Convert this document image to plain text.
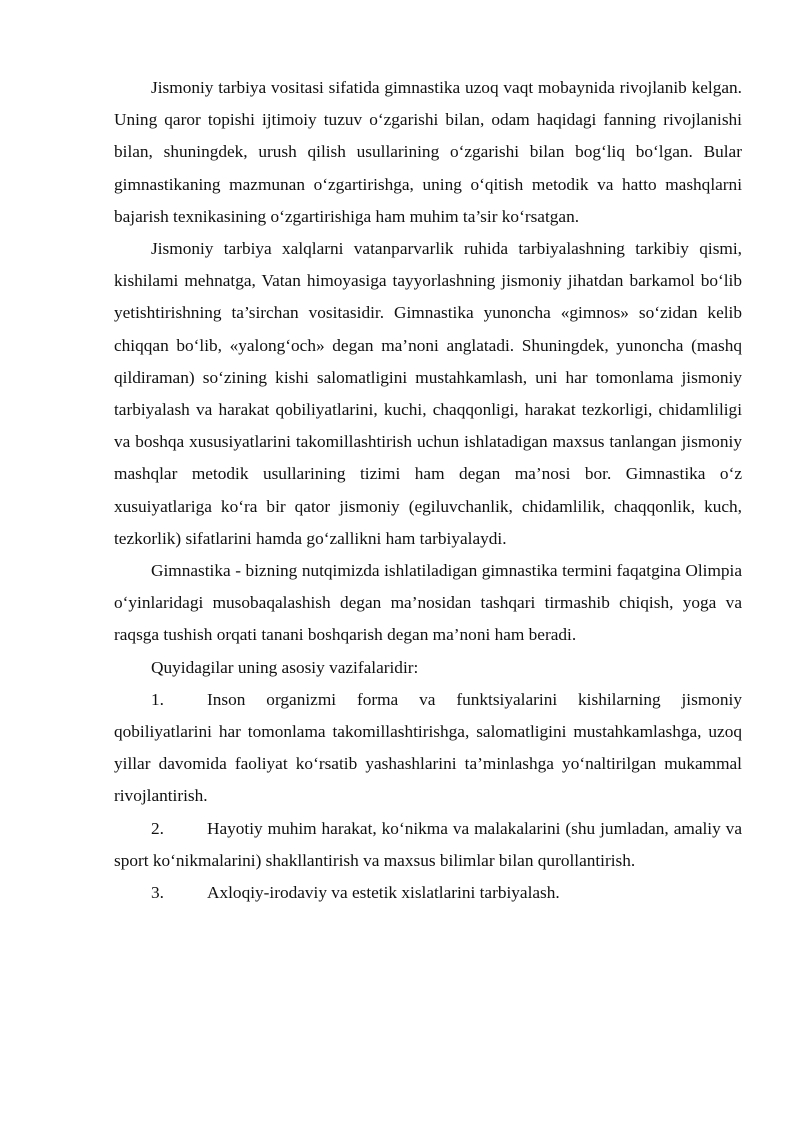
Jismoniy tarbiya vositasi sifatida gimnastika uzoq vaqt mobaynida rivojlanib kelgan. Uning qaror topishi ijtimoiy tuzuv o‘zgarishi bilan, odam haqidagi fanning rivojlanishi bilan, shuningdek, urush qilish usullarining o‘zgarishi bilan bog‘liq bo‘lgan. Bular gimnastikaning mazmunan o‘zgartirishga, uning o‘qitish metodik va hatto mashqlarni bajarish texnikasining o‘zgartirishiga ham muhim ta’sir ko‘rsatgan.

Jismoniy tarbiya xalqlarni vatanparvarlik ruhida tarbiyalashning tarkibiy qismi, kishilami mehnatga, Vatan himoyasiga tayyorlashning jismoniy jihatdan barkamol bo‘lib yetishtirishning ta’sirchan vositasidir. Gimnastika yunoncha «gimnos» so‘zidan kelib chiqqan bo‘lib, «yalong‘och» degan ma’noni anglatadi. Shuningdek, yunoncha (mashq qildiraman) so‘zining kishi salomatligini mustahkamlash, uni har tomonlama jismoniy tarbiyalash va harakat qobiliyatlarini, kuchi, chaqqonligi, harakat tezkorligi, chidamliligi va boshqa xususiyatlarini takomillashtirish uchun ishlatadigan maxsus tanlangan jismoniy mashqlar metodik usullarining tizimi ham degan ma’nosi bor. Gimnastika o‘z xusuiyatlariga ko‘ra bir qator jismoniy (egiluvchanlik, chidamlilik, chaqqonlik, kuch, tezkorlik) sifatlarini hamda go‘zallikni ham tarbiyalaydi.

Gimnastika - bizning nutqimizda ishlatiladigan gimnastika termini faqatgina Olimpia o‘yinlaridagi musobaqalashish degan ma’nosidan tashqari tirmashib chiqish, yoga va raqsga tushish orqati tanani boshqarish degan ma’noni ham beradi.

Quyidagilar uning asosiy vazifalaridir:

1. Inson organizmi forma va funktsiyalarini kishilarning jismoniy qobiliyatlarini har tomonlama takomillashtirishga, salomatligini mustahkamlashga, uzoq yillar davomida faoliyat ko‘rsatib yashashlarini ta’minlashga yo‘naltirilgan mukammal rivojlantirish.

2. Hayotiy muhim harakat, ko‘nikma va malakalarini (shu jumladan, amaliy va sport ko‘nikmalarini) shakllantirish va maxsus bilimlar bilan qurollantirish.

3. Axloqiy-irodaviy va estetik xislatlarini tarbiyalash.
